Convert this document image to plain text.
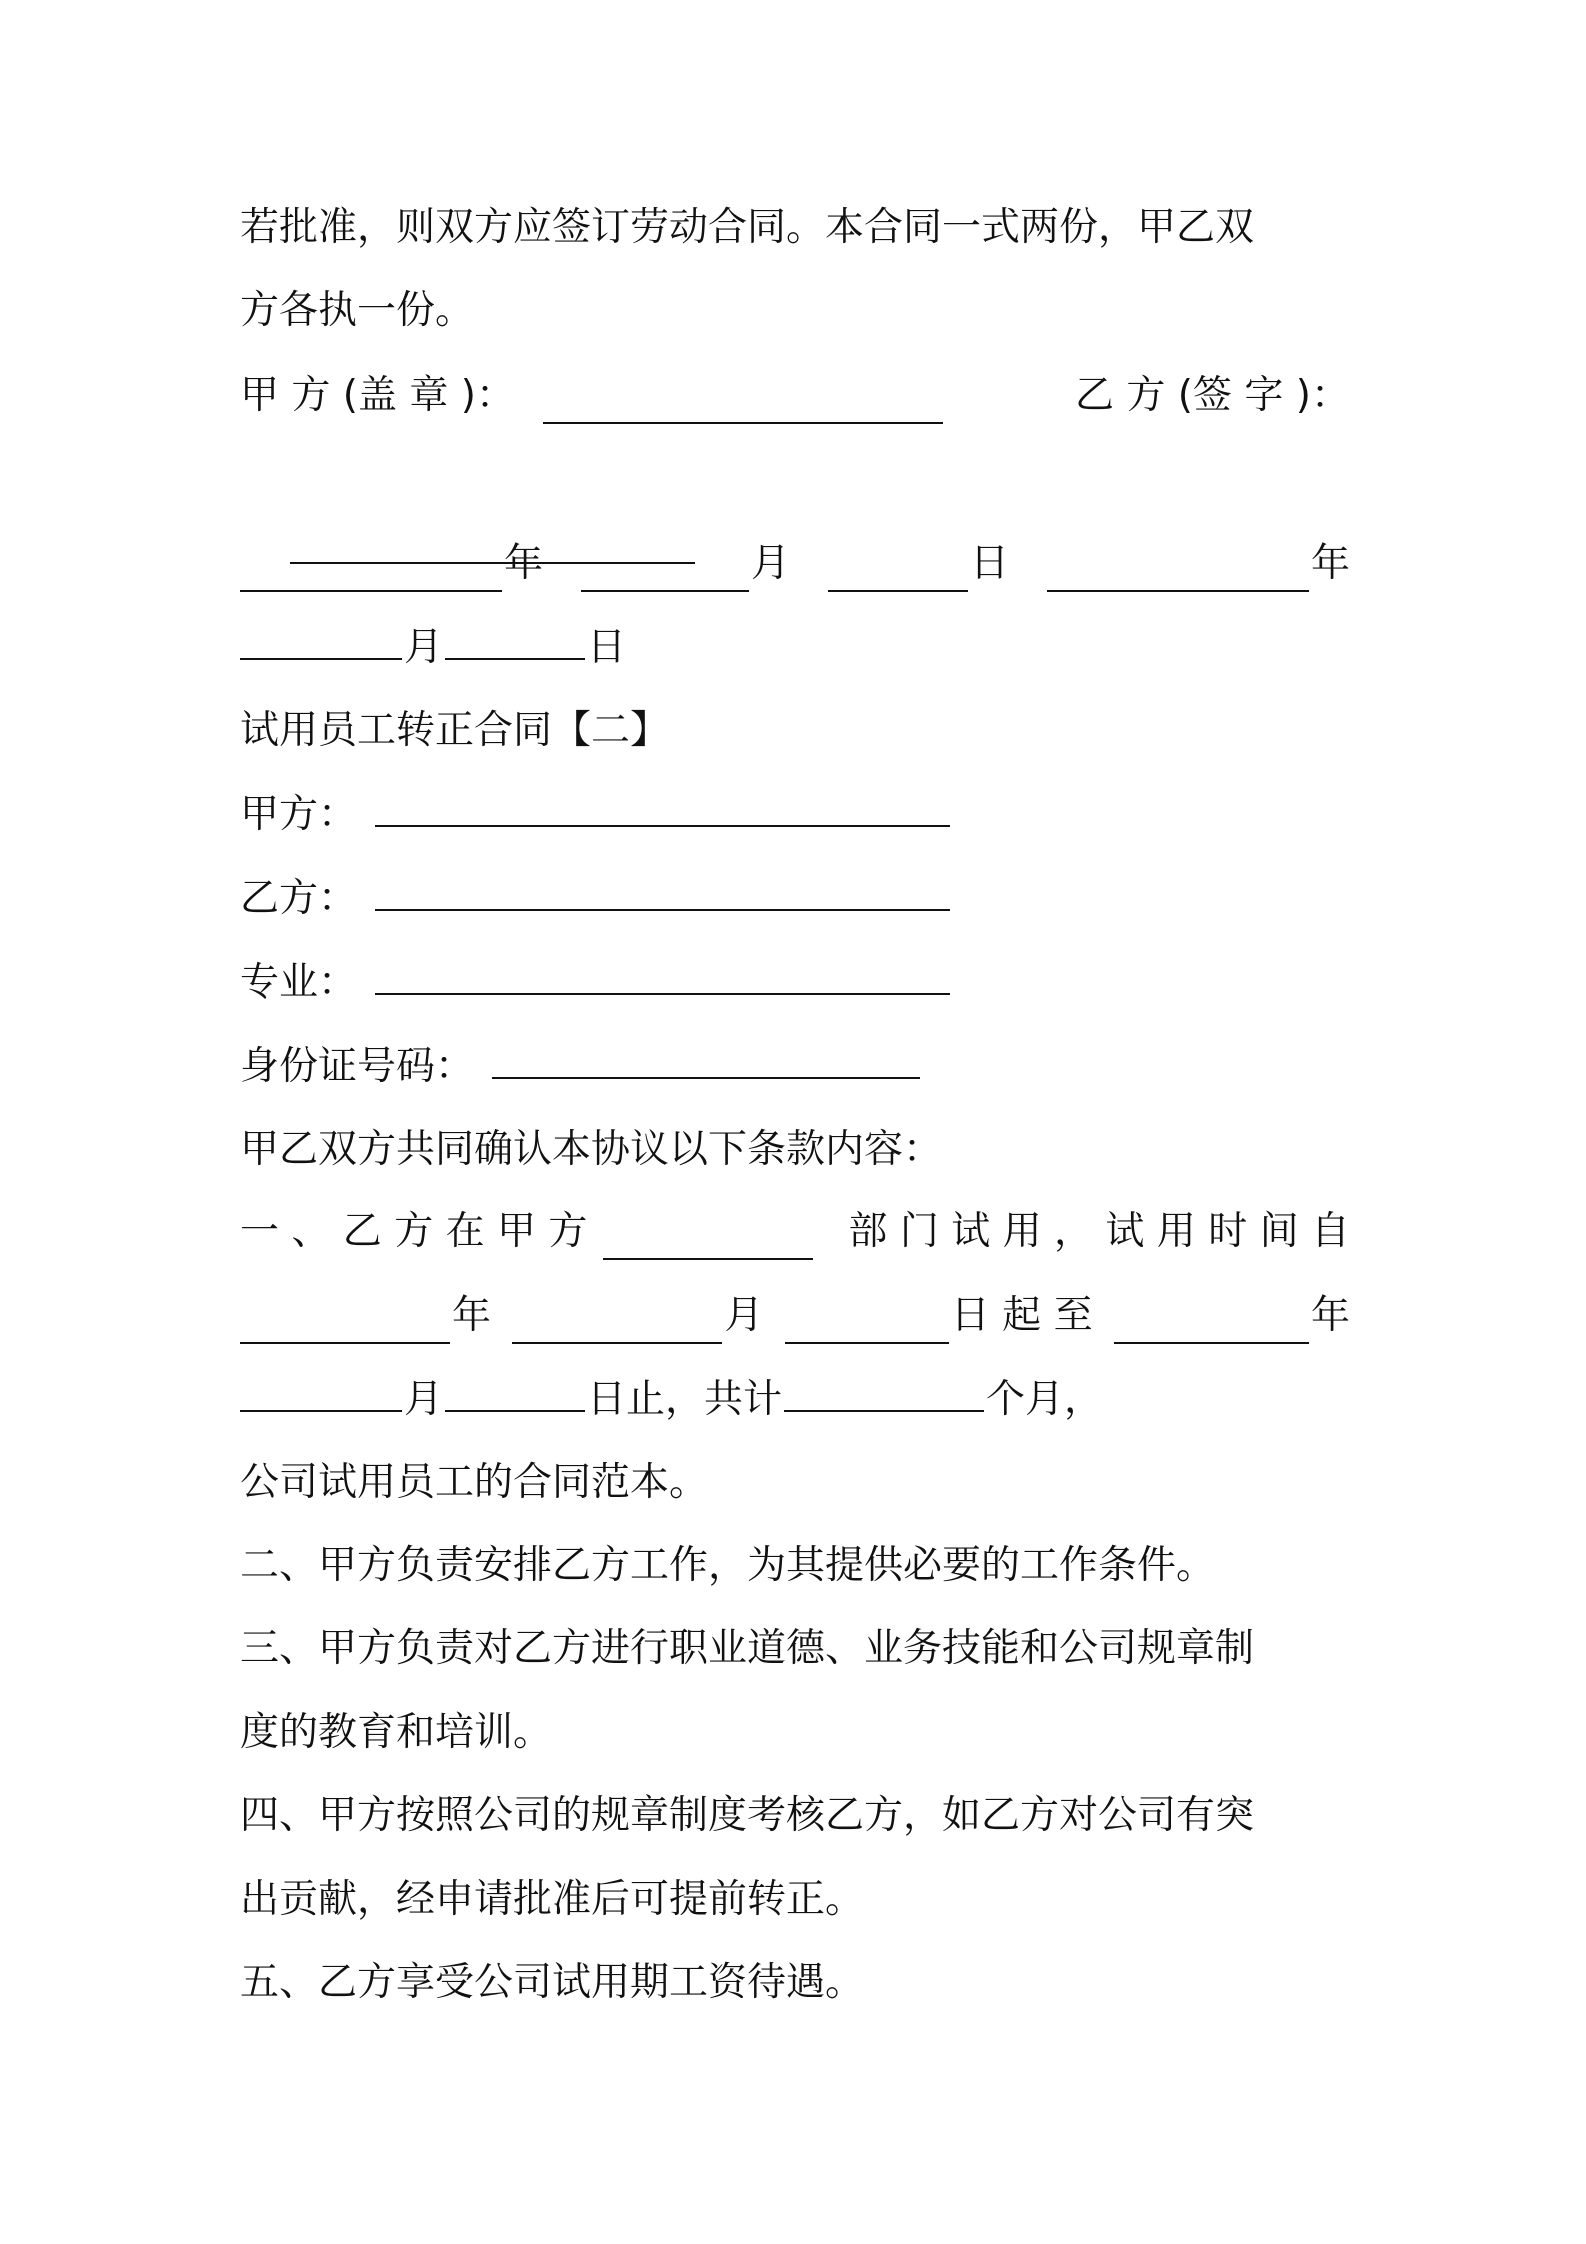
若批准，则双方应签订劳动合同。本合同一式两份，甲乙双
方各执一份。
甲 方 (盖 章 )：	乙 方 (签 字 )：

年	月	日	年
月	日
试用员工转正合同【二】
甲方：
乙方：
专业：
身份证号码：
甲乙双方共同确认本协议以下条款内容：
一 、 乙 方 在 甲 方	部 门 试 用 ， 试 用 时 间 自
年	月	日 起 至	年
月	日止，共计	个月，
公司试用员工的合同范本。
二、甲方负责安排乙方工作，为其提供必要的工作条件。
三、甲方负责对乙方进行职业道德、业务技能和公司规章制
度的教育和培训。
四、甲方按照公司的规章制度考核乙方，如乙方对公司有突
出贡献，经申请批准后可提前转正。
五、乙方享受公司试用期工资待遇。
